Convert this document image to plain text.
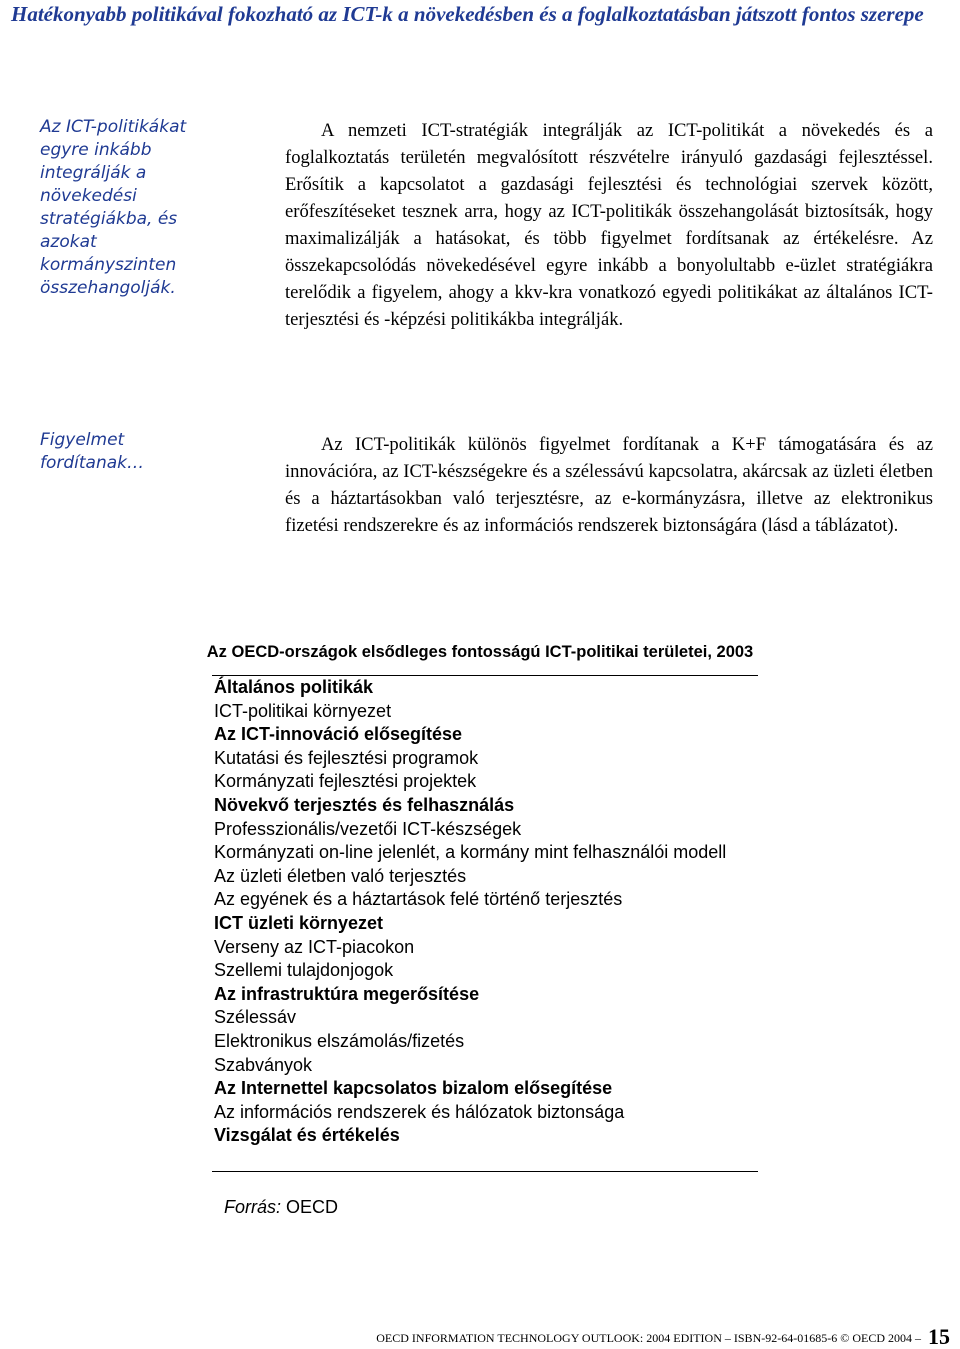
Hatékonyabb politikával fokozható az ICT-k a növekedésben és a foglalkoztatásban játszott fontos szerepe
Az ICT-politikákat egyre inkább integrálják a növekedési stratégiákba, és azokat kormányszinten összehangolják.
Figyelmet fordítanak…

A nemzeti ICT-stratégiák integrálják az ICT-politikát a növekedés és a foglalkoztatás területén megvalósított részvételre irányuló gazdasági fejlesztéssel. Erősítik a kapcsolatot a gazdasági fejlesztési és technológiai szervek között, erőfeszítéseket tesznek arra, hogy az ICT-politikák összehangolását biztosítsák, hogy maximalizálják a hatásokat, és több figyelmet fordítsanak az értékelésre. Az összekapcsolódás növekedésével egyre inkább a bonyolultabb e-üzlet stratégiákra terelődik a figyelem, ahogy a kkv-kra vonatkozó egyedi politikákat az általános ICT-terjesztési és -képzési politikákba integrálják.

Az ICT-politikák különös figyelmet fordítanak a K+F támogatására és az innovációra, az ICT-készségekre és a szélessávú kapcsolatra, akárcsak az üzleti életben és a háztartásokban való terjesztésre, az e-kormányzásra, illetve az elektronikus fizetési rendszerekre és az információs rendszerek biztonságára (lásd a táblázatot).

Az OECD-országok elsődleges fontosságú ICT-politikai területei, 2003
Általános politikák
ICT-politikai környezet
Az ICT-innováció elősegítése
Kutatási és fejlesztési programok
Kormányzati fejlesztési projektek
Növekvő terjesztés és felhasználás
Professzionális/vezetői ICT-készségek
Kormányzati on-line jelenlét, a kormány mint felhasználói modell
Az üzleti életben való terjesztés
Az egyének és a háztartások felé történő terjesztés
ICT üzleti környezet
Verseny az ICT-piacokon
Szellemi tulajdonjogok
Az infrastruktúra megerősítése
Szélessáv
Elektronikus elszámolás/fizetés
Szabványok
Az Internettel kapcsolatos bizalom elősegítése
Az információs rendszerek és hálózatok biztonsága
Vizsgálat és értékelés
Forrás: OECD
OECD INFORMATION TECHNOLOGY OUTLOOK: 2004 EDITION – ISBN-92-64-01685-6 © OECD 2004 – 15
